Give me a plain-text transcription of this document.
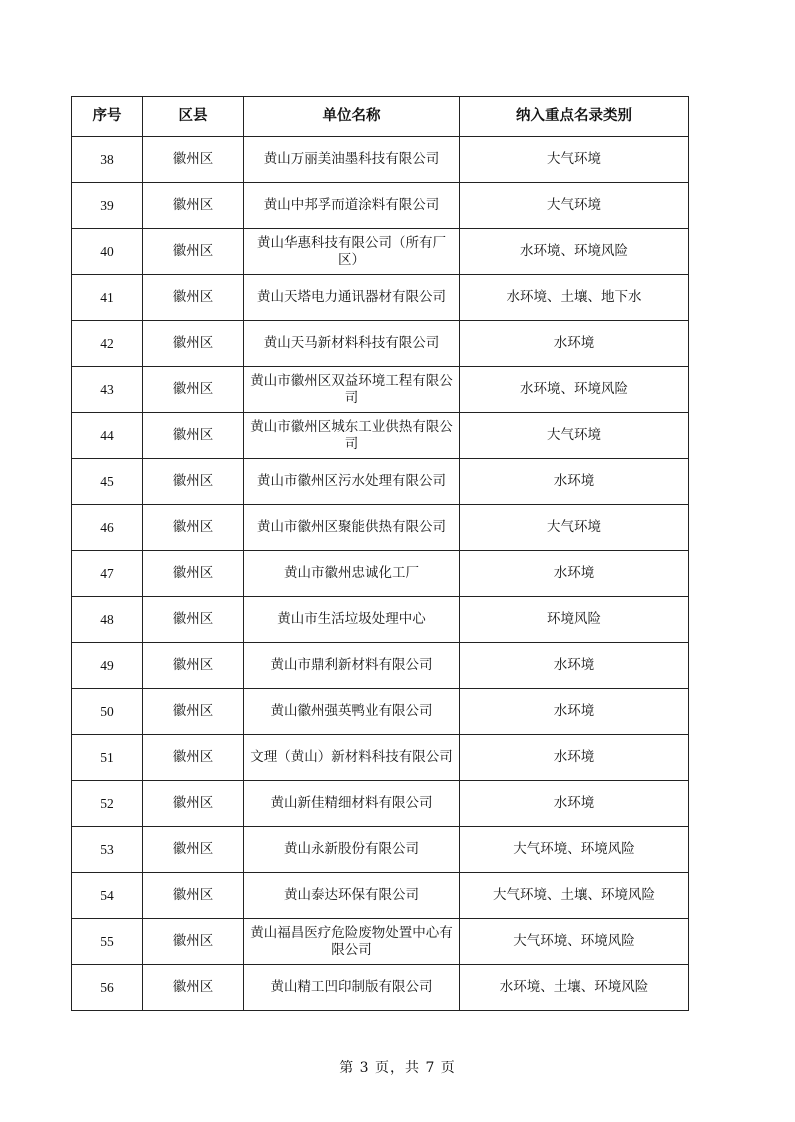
序号	区县	单位名称	纳入重点名录类别
38	徽州区	黄山万丽美油墨科技有限公司	大气环境
39	徽州区	黄山中邦孚而道涂料有限公司	大气环境
40	徽州区	黄山华惠科技有限公司（所有厂区）	水环境、环境风险
41	徽州区	黄山天塔电力通讯器材有限公司	水环境、土壤、地下水
42	徽州区	黄山天马新材料科技有限公司	水环境
43	徽州区	黄山市徽州区双益环境工程有限公司	水环境、环境风险
44	徽州区	黄山市徽州区城东工业供热有限公司	大气环境
45	徽州区	黄山市徽州区污水处理有限公司	水环境
46	徽州区	黄山市徽州区聚能供热有限公司	大气环境
47	徽州区	黄山市徽州忠诚化工厂	水环境
48	徽州区	黄山市生活垃圾处理中心	环境风险
49	徽州区	黄山市鼎利新材料有限公司	水环境
50	徽州区	黄山徽州强英鸭业有限公司	水环境
51	徽州区	文理（黄山）新材料科技有限公司	水环境
52	徽州区	黄山新佳精细材料有限公司	水环境
53	徽州区	黄山永新股份有限公司	大气环境、环境风险
54	徽州区	黄山泰达环保有限公司	大气环境、土壤、环境风险
55	徽州区	黄山福昌医疗危险废物处置中心有限公司	大气环境、环境风险
56	徽州区	黄山精工凹印制版有限公司	水环境、土壤、环境风险
第 3 页，共 7 页
